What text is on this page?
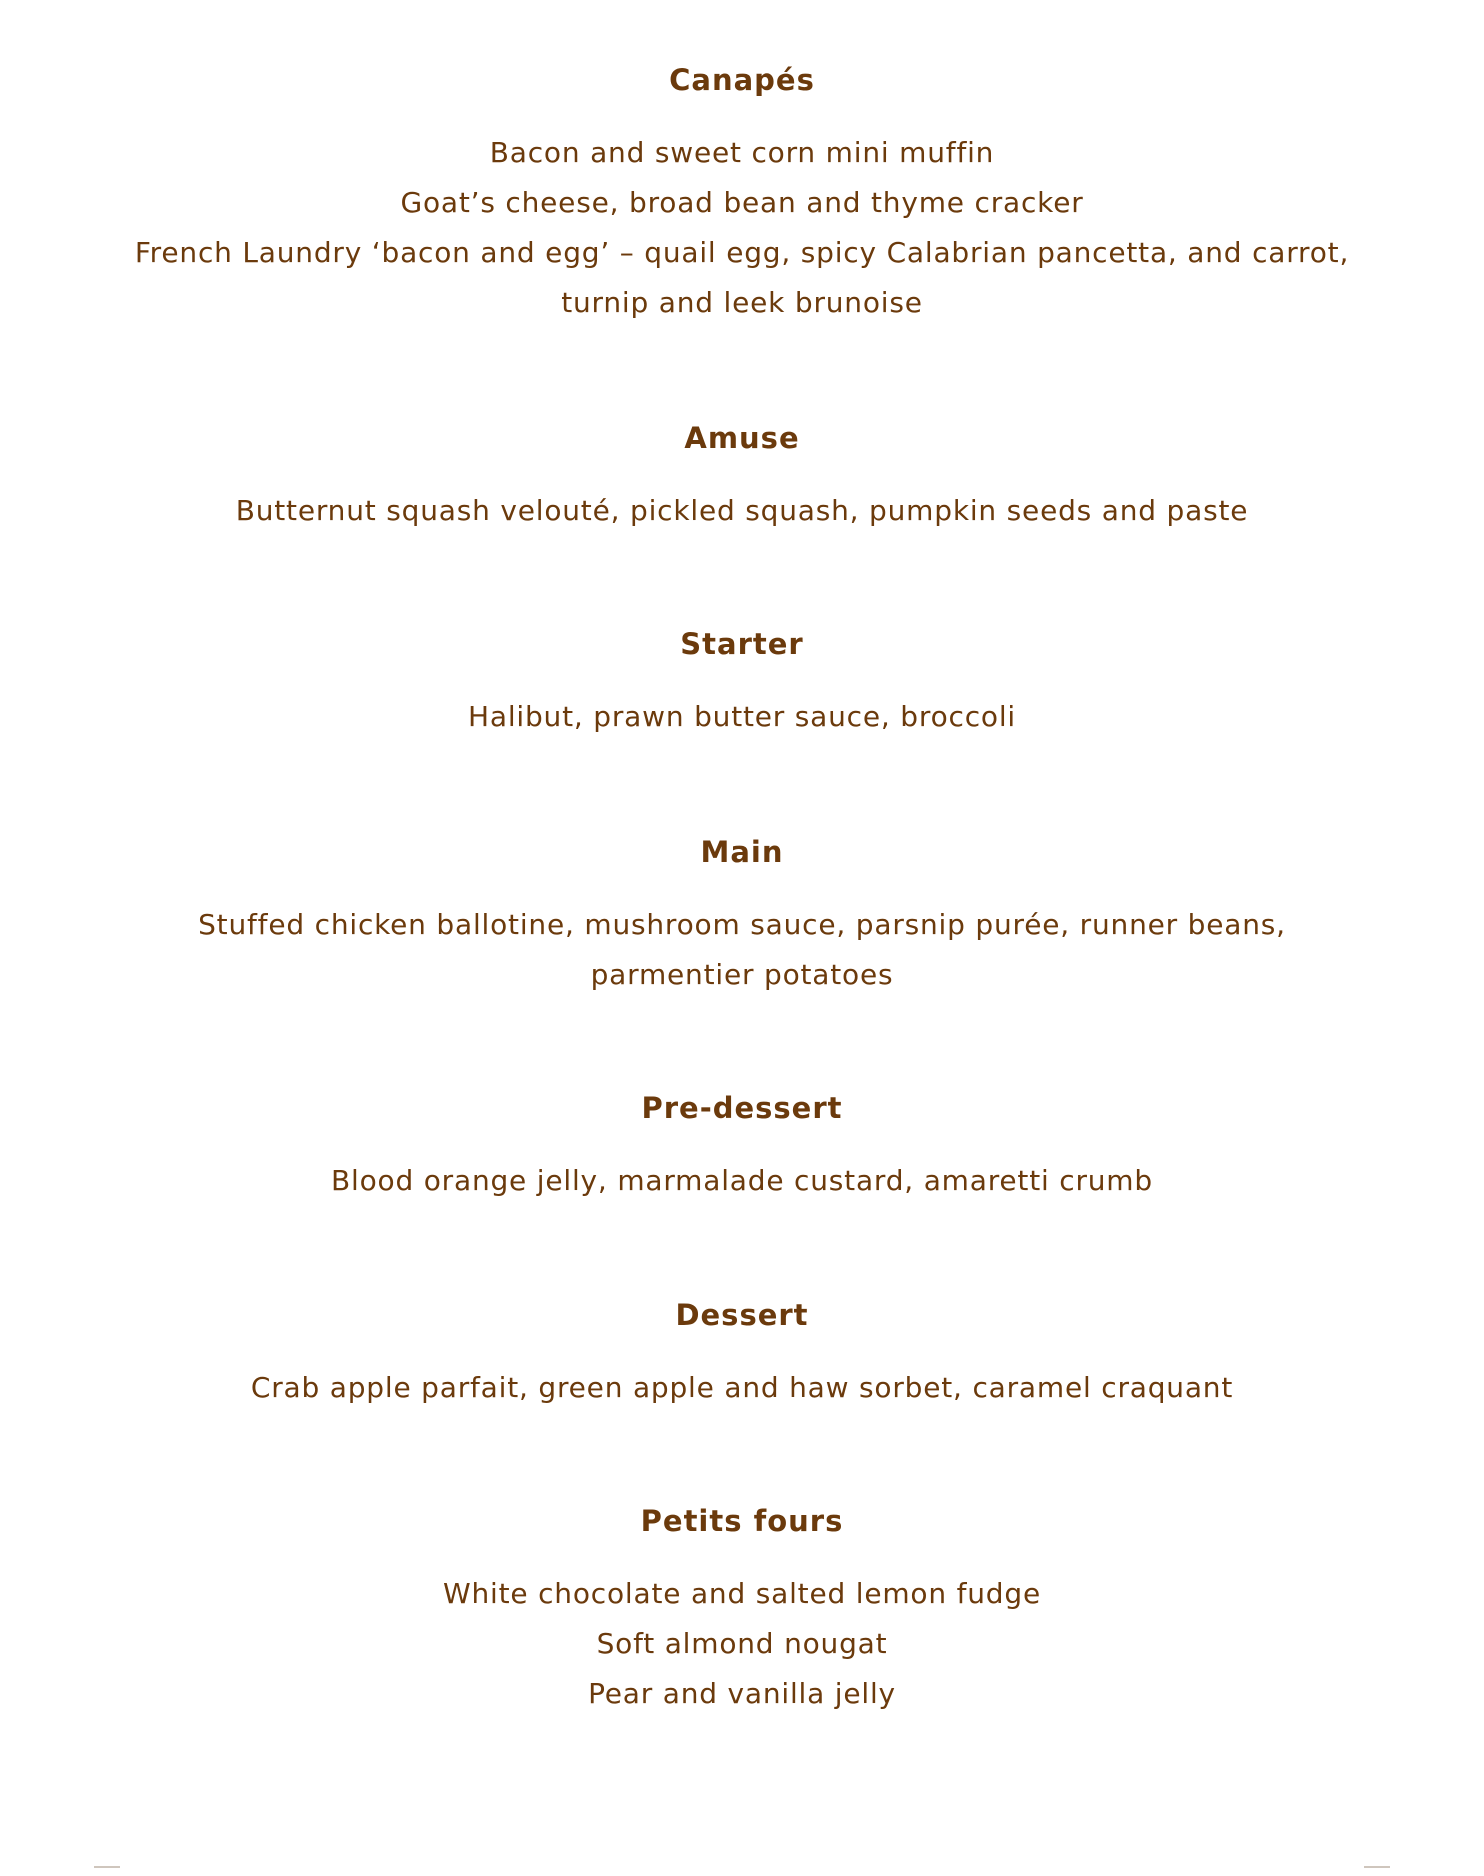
Canapés

Bacon and sweet corn mini muffin

Goat’s cheese, broad bean and thyme cracker

French Laundry ‘bacon and egg’ – quail egg, spicy Calabrian pancetta, and carrot,

turnip and leek brunoise

Amuse

Butternut squash velouté, pickled squash, pumpkin seeds and paste

Starter

Halibut, prawn butter sauce, broccoli

Main

Stuffed chicken ballotine, mushroom sauce, parsnip purée, runner beans,

parmentier potatoes

Pre-dessert

Blood orange jelly, marmalade custard, amaretti crumb

Dessert

Crab apple parfait, green apple and haw sorbet, caramel craquant

Petits fours

White chocolate and salted lemon fudge

Soft almond nougat

Pear and vanilla jelly
